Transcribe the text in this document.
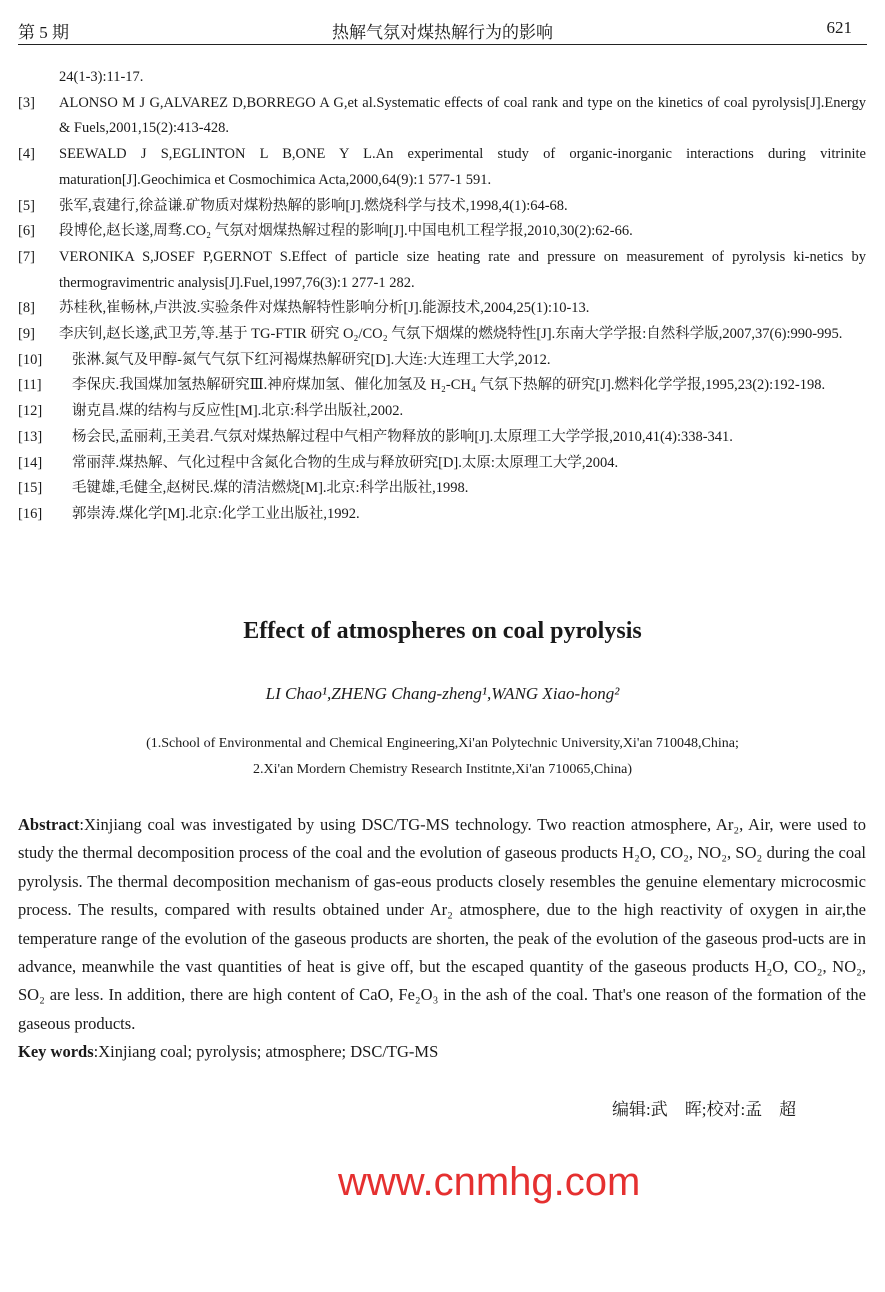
第 5 期	热解气氛对煤热解行为的影响	621
24(1-3):11-17.
[3] ALONSO M J G,ALVAREZ D,BORREGO A G,et al.Systematic effects of coal rank and type on the kinetics of coal pyrolysis[J].Energy & Fuels,2001,15(2):413-428.
[4] SEEWALD J S,EGLINTON L B,ONE Y L.An experimental study of organic-inorganic interactions during vitrinite maturation[J].Geochimica et Cosmochimica Acta,2000,64(9):1 577-1 591.
[5] 张军,袁建行,徐益谦.矿物质对煤粉热解的影响[J].燃烧科学与技术,1998,4(1):64-68.
[6] 段博伦,赵长遂,周骛.CO₂ 气氛对烟煤热解过程的影响[J].中国电机工程学报,2010,30(2):62-66.
[7] VERONIKA S,JOSEF P,GERNOT S.Effect of particle size heating rate and pressure on measurement of pyrolysis ki-netics by thermogravimentric analysis[J].Fuel,1997,76(3):1 277-1 282.
[8] 苏桂秋,崔畅林,卢洪波.实验条件对煤热解特性影响分析[J].能源技术,2004,25(1):10-13.
[9] 李庆钊,赵长遂,武卫芳,等.基于 TG-FTIR 研究 O₂/CO₂ 气氛下烟煤的燃烧特性[J].东南大学学报:自然科学版,2007,37(6):990-995.
[10] 张淋.氮气及甲醇-氮气气氛下红河褐煤热解研究[D].大连:大连理工大学,2012.
[11] 李保庆.我国煤加氢热解研究Ⅲ.神府煤加氢、催化加氢及 H₂-CH₄ 气氛下热解的研究[J].燃料化学学报,1995,23(2):192-198.
[12] 谢克昌.煤的结构与反应性[M].北京:科学出版社,2002.
[13] 杨会民,孟丽莉,王美君.气氛对煤热解过程中气相产物释放的影响[J].太原理工大学学报,2010,41(4):338-341.
[14] 常丽萍.煤热解、气化过程中含氮化合物的生成与释放研究[D].太原:太原理工大学,2004.
[15] 毛键雄,毛健全,赵树民.煤的清洁燃烧[M].北京:科学出版社,1998.
[16] 郭崇涛.煤化学[M].北京:化学工业出版社,1992.
Effect of atmospheres on coal pyrolysis
LI Chao¹,ZHENG Chang-zheng¹,WANG Xiao-hong²
(1.School of Environmental and Chemical Engineering,Xi'an Polytechnic University,Xi'an 710048,China;
2.Xi'an Mordern Chemistry Research Institnte,Xi'an 710065,China)
Abstract:Xinjiang coal was investigated by using DSC/TG-MS technology. Two reaction atmosphere, Ar₂, Air, were used to study the thermal decomposition process of the coal and the evolution of gaseous products H₂O, CO₂, NO₂, SO₂ during the coal pyrolysis. The thermal decomposition mechanism of gas-eous products closely resembles the genuine elementary microcosmic process. The results, compared with results obtained under Ar₂ atmosphere, due to the high reactivity of oxygen in air,the temperature range of the evolution of the gaseous products are shorten, the peak of the evolution of the gaseous prod-ucts are in advance, meanwhile the vast quantities of heat is give off, but the escaped quantity of the gaseous products H₂O, CO₂, NO₂, SO₂ are less. In addition, there are high content of CaO, Fe₂O₃ in the ash of the coal. That's one reason of the formation of the gaseous products.
Key words:Xinjiang coal; pyrolysis; atmosphere; DSC/TG-MS
编辑:武　晖;校对:孟　超
www.cnmhg.com
